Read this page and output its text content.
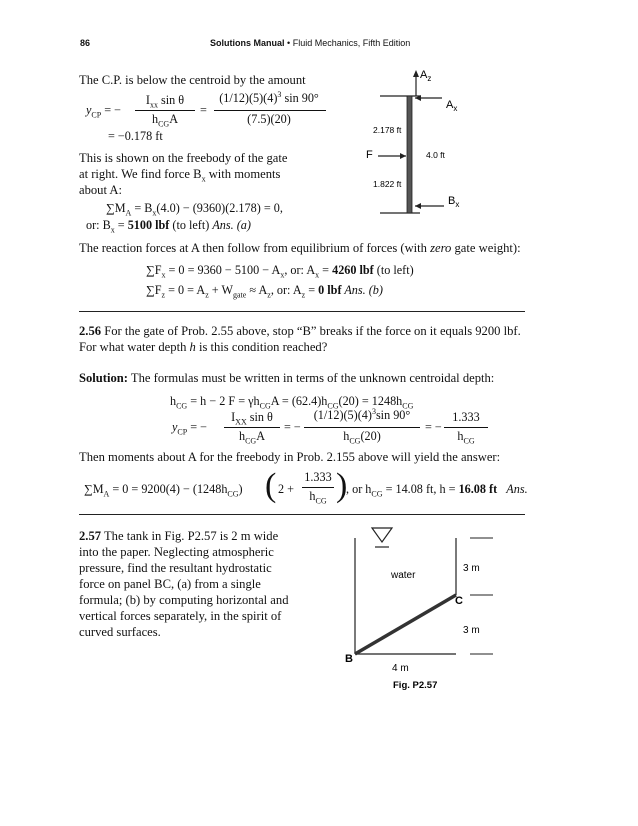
86	Solutions Manual • Fluid Mechanics, Fifth Edition
The C.P. is below the centroid by the amount
$y_{CP}$ = −
$I_{xx}$ sin θ
$h_{CG}A$
=
$(1/12)(5)(4)^3$ sin 90°
(7.5)(20)
= −0.178 ft
This is shown on the freebody of the gate
at right. We find force $B_x$ with moments
about A:
$\sum M_A = B_x(4.0) - (9360)(2.178) = 0$,
or: $B_x = 5100$ lbf (to left) Ans. (a)
$A_z$
$A_x$
F
$B_x$
2.178 ft
1.822 ft
4.0 ft
The reaction forces at A then follow from equilibrium of forces (with zero gate weight):
$\sum F_x = 0 = 9360 - 5100 - A_x$, or: $A_x = 4260$ lbf (to left)
$\sum F_z = 0 = A_z + W_{gate} \approx A_z$, or: $A_z = 0$ lbf Ans. (b)
2.56 For the gate of Prob. 2.55 above, stop “B” breaks if the force on it equals 9200 lbf.
For what water depth h is this condition reached?
Solution: The formulas must be written in terms of the unknown centroidal depth:
$h_{CG} = h - 2$ $F = \gamma h_{CG}A = (62.4)h_{CG}(20) = 1248h_{CG}$
$y_{CP}$ = −
$I_{XX}$ sin θ
$h_{CG}A$
= −
$(1/12)(5)(4)^3\sin$ 90°
$h_{CG}(20)$
= −
1.333
$h_{CG}$
Then moments about A for the freebody in Prob. 2.155 above will yield the answer:
$\sum M_A = 0 = 9200(4) - (1248h_{CG})$ ( 2 +
1.333
$h_{CG}$ )
, or $h_{CG} = 14.08$ ft, h = 16.08 ft Ans.
2.57 The tank in Fig. P2.57 is 2 m wide
into the paper. Neglecting atmospheric
pressure, find the resultant hydrostatic
force on panel BC, (a) from a single
formula; (b) by computing horizontal and
vertical forces separately, in the spirit of
curved surfaces.
water
3 m
3 m
4 m
B
C
Fig. P2.57
